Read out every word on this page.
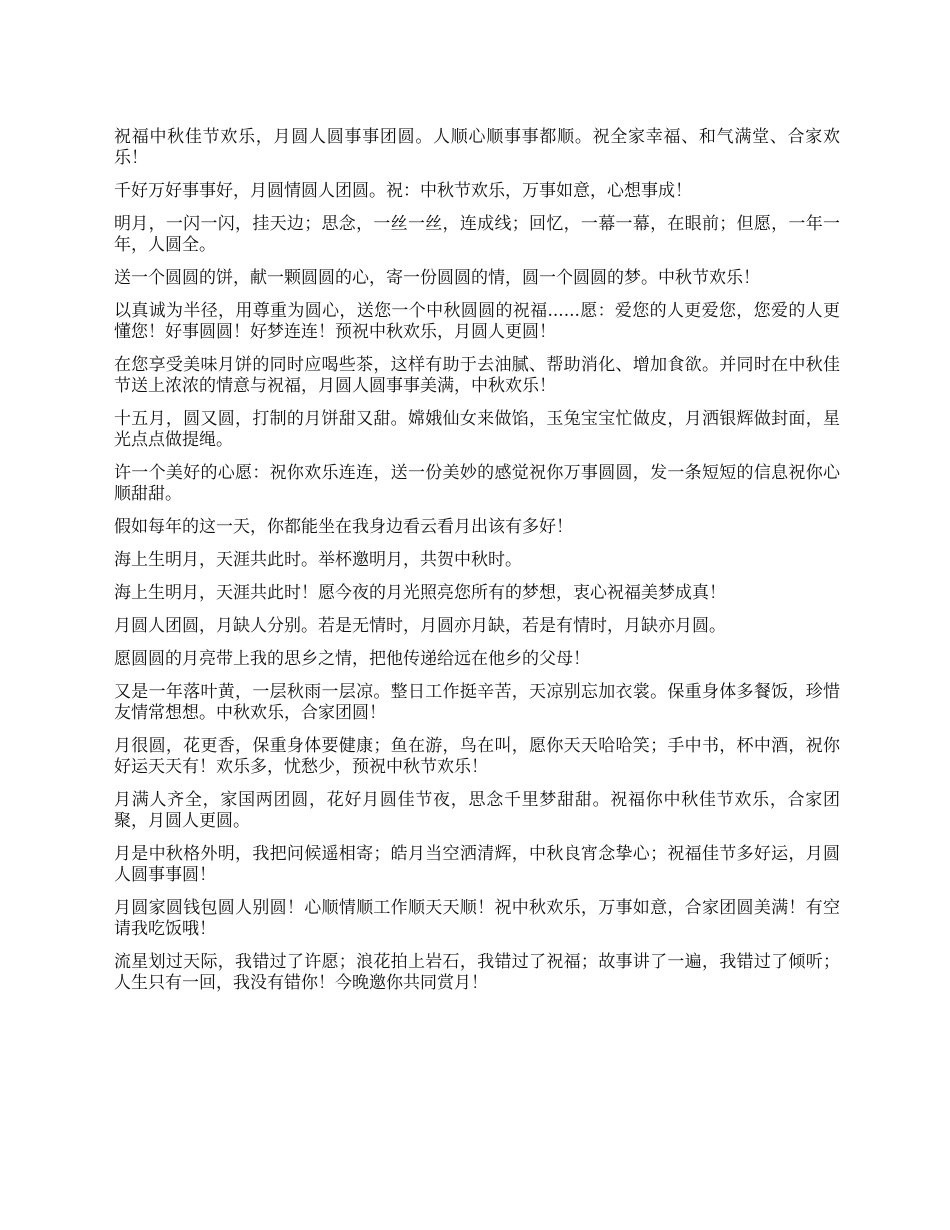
祝福中秋佳节欢乐，月圆人圆事事团圆。人顺心顺事事都顺。祝全家幸福、和气满堂、合家欢乐！

千好万好事事好，月圆情圆人团圆。祝：中秋节欢乐，万事如意，心想事成！

明月，一闪一闪，挂天边；思念，一丝一丝，连成线；回忆，一幕一幕，在眼前；但愿，一年一年，人圆全。

送一个圆圆的饼，献一颗圆圆的心，寄一份圆圆的情，圆一个圆圆的梦。中秋节欢乐！

以真诚为半径，用尊重为圆心，送您一个中秋圆圆的祝福......愿：爱您的人更爱您，您爱的人更懂您！好事圆圆！好梦连连！预祝中秋欢乐，月圆人更圆！

在您享受美味月饼的同时应喝些茶，这样有助于去油腻、帮助消化、增加食欲。并同时在中秋佳节送上浓浓的情意与祝福，月圆人圆事事美满，中秋欢乐！

十五月，圆又圆，打制的月饼甜又甜。嫦娥仙女来做馅，玉兔宝宝忙做皮，月洒银辉做封面，星光点点做提绳。

许一个美好的心愿：祝你欢乐连连，送一份美妙的感觉祝你万事圆圆，发一条短短的信息祝你心顺甜甜。

假如每年的这一天，你都能坐在我身边看云看月出该有多好！

海上生明月，天涯共此时。举杯邀明月，共贺中秋时。

海上生明月，天涯共此时！愿今夜的月光照亮您所有的梦想，衷心祝福美梦成真！

月圆人团圆，月缺人分别。若是无情时，月圆亦月缺，若是有情时，月缺亦月圆。

愿圆圆的月亮带上我的思乡之情，把他传递给远在他乡的父母！

又是一年落叶黄，一层秋雨一层凉。整日工作挺辛苦，天凉别忘加衣裳。保重身体多餐饭，珍惜友情常想想。中秋欢乐，合家团圆！

月很圆，花更香，保重身体要健康；鱼在游，鸟在叫，愿你天天哈哈笑；手中书，杯中酒，祝你好运天天有！欢乐多，忧愁少，预祝中秋节欢乐！

月满人齐全，家国两团圆，花好月圆佳节夜，思念千里梦甜甜。祝福你中秋佳节欢乐，合家团聚，月圆人更圆。

月是中秋格外明，我把问候遥相寄；皓月当空洒清辉，中秋良宵念挚心；祝福佳节多好运，月圆人圆事事圆！

月圆家圆钱包圆人别圆！心顺情顺工作顺天天顺！祝中秋欢乐，万事如意，合家团圆美满！有空请我吃饭哦！

流星划过天际，我错过了许愿；浪花拍上岩石，我错过了祝福；故事讲了一遍，我错过了倾听；人生只有一回，我没有错你！今晚邀你共同赏月！
